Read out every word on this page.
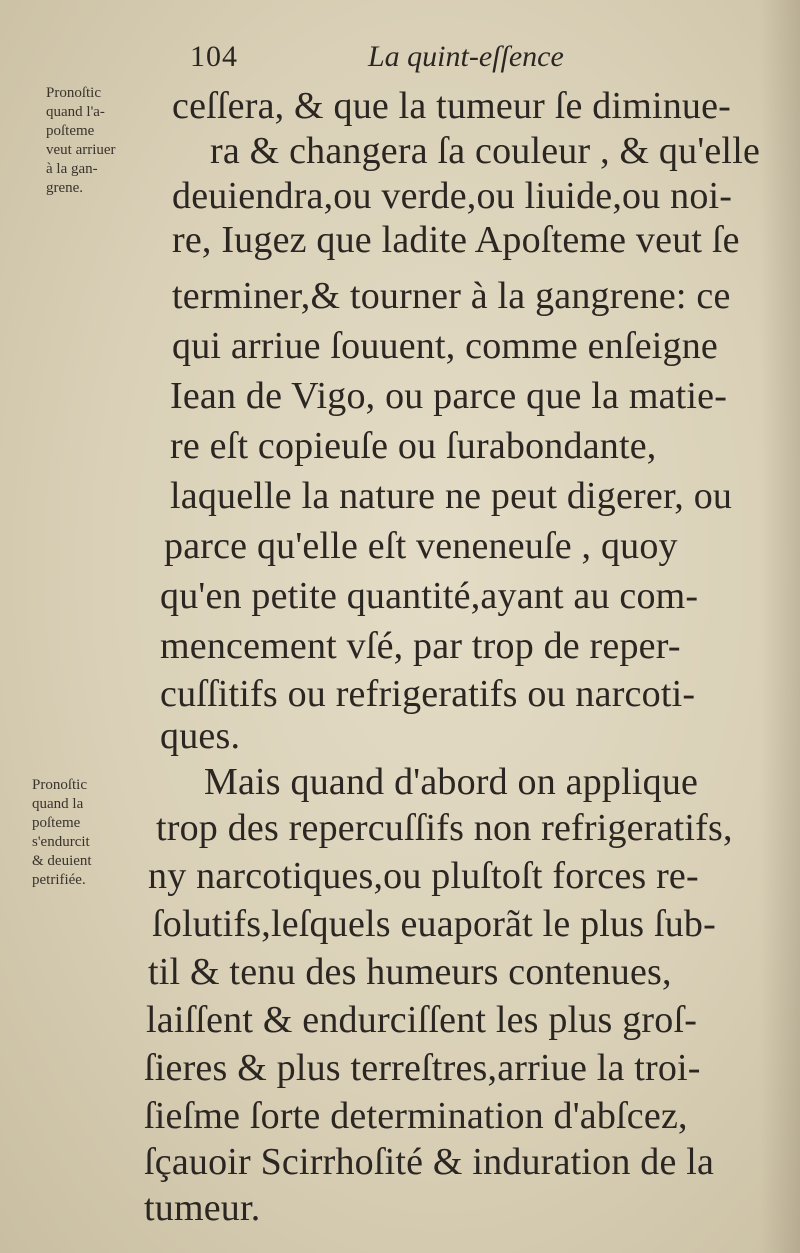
104	La quint-eſſence
Pronoſtic
quand l'a-
poſteme
veut arriuer
à la gan-
grene.
Pronoſtic
quand la
poſteme
s'endurcit
& deuient
petrifiée.
ceſſera, & que la tumeur ſe diminue-
ra & changera ſa couleur , & qu'elle
deuiendra,ou verde,ou liuide,ou noi-
re, Iugez que ladite Apoſteme veut ſe
terminer,& tourner à la gangrene: ce
qui arriue ſouuent, comme enſeigne
Iean de Vigo, ou parce que la matie-
re eſt copieuſe ou ſurabondante,
laquelle la nature ne peut digerer, ou
parce qu'elle eſt veneneuſe , quoy
qu'en petite quantité,ayant au com-
mencement vſé, par trop de reper-
cuſſitifs ou refrigeratifs ou narcoti-
ques.
Mais quand d'abord on applique
trop des repercuſſifs non refrigeratifs,
ny narcotiques,ou pluſtoſt forces re-
ſolutifs,leſquels euaporãt le plus ſub-
til & tenu des humeurs contenues,
laiſſent & endurciſſent les plus groſ-
ſieres & plus terreſtres,arriue la troi-
ſieſme ſorte determination d'abſcez,
ſçauoir Scirrhoſité & induration de la
tumeur.
